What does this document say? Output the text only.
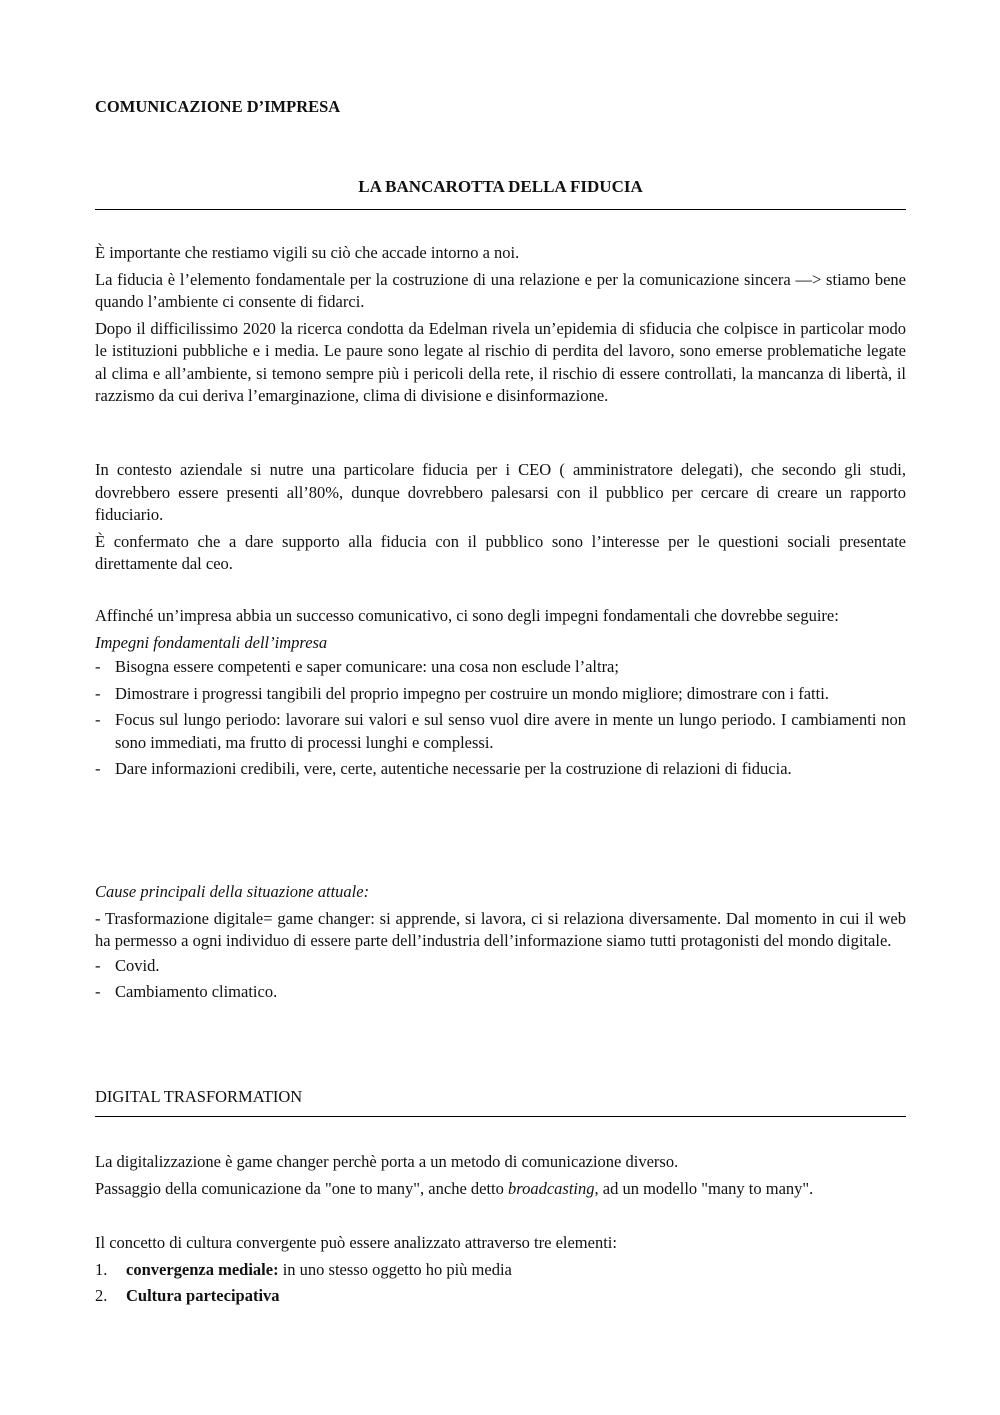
COMUNICAZIONE D’IMPRESA
LA BANCAROTTA DELLA FIDUCIA

È importante che restiamo vigili su ciò che accade intorno a noi.

La fiducia è l’elemento fondamentale per la costruzione di una relazione e per la comunicazione sincera —> stiamo bene quando l’ambiente ci consente di fidarci.

Dopo il difficilissimo 2020 la ricerca condotta da Edelman rivela un’epidemia di sfiducia che colpisce in particolar modo le istituzioni pubbliche e i media. Le paure sono legate al rischio di perdita del lavoro, sono emerse problematiche legate al clima e all’ambiente, si temono sempre più i pericoli della rete, il rischio di essere controllati, la mancanza di libertà, il razzismo da cui deriva l’emarginazione, clima di divisione e disinformazione.

In contesto aziendale si nutre una particolare fiducia per i CEO ( amministratore delegati), che secondo gli studi, dovrebbero essere presenti all’80%, dunque dovrebbero palesarsi con il pubblico per cercare di creare un rapporto fiduciario.

È confermato che a dare supporto alla fiducia con il pubblico sono l’interesse per le questioni sociali presentate direttamente dal ceo.

Affinché un’impresa abbia un successo comunicativo, ci sono degli impegni fondamentali che dovrebbe seguire:

Impegni fondamentali dell’impresa

- Bisogna essere competenti e saper comunicare: una cosa non esclude l’altra;
- Dimostrare i progressi tangibili del proprio impegno per costruire un mondo migliore; dimostrare con i fatti.
- Focus sul lungo periodo: lavorare sui valori e sul senso vuol dire avere in mente un lungo periodo. I cambiamenti non sono immediati, ma frutto di processi lunghi e complessi.
- Dare informazioni credibili, vere, certe, autentiche necessarie per la costruzione di relazioni di fiducia.

Cause principali della situazione attuale:

- Trasformazione digitale= game changer: si apprende, si lavora, ci si relaziona diversamente. Dal momento in cui il web ha permesso a ogni individuo di essere parte dell’industria dell’informazione siamo tutti protagonisti del mondo digitale.

- Covid.
- Cambiamento climatico.
DIGITAL TRASFORMATION

La digitalizzazione è game changer perchè porta a un metodo di comunicazione diverso.

Passaggio della comunicazione da "one to many", anche detto broadcasting, ad un modello "many to many".

Il concetto di cultura convergente può essere analizzato attraverso tre elementi:

1. convergenza mediale: in uno stesso oggetto ho più media
2. Cultura partecipativa
